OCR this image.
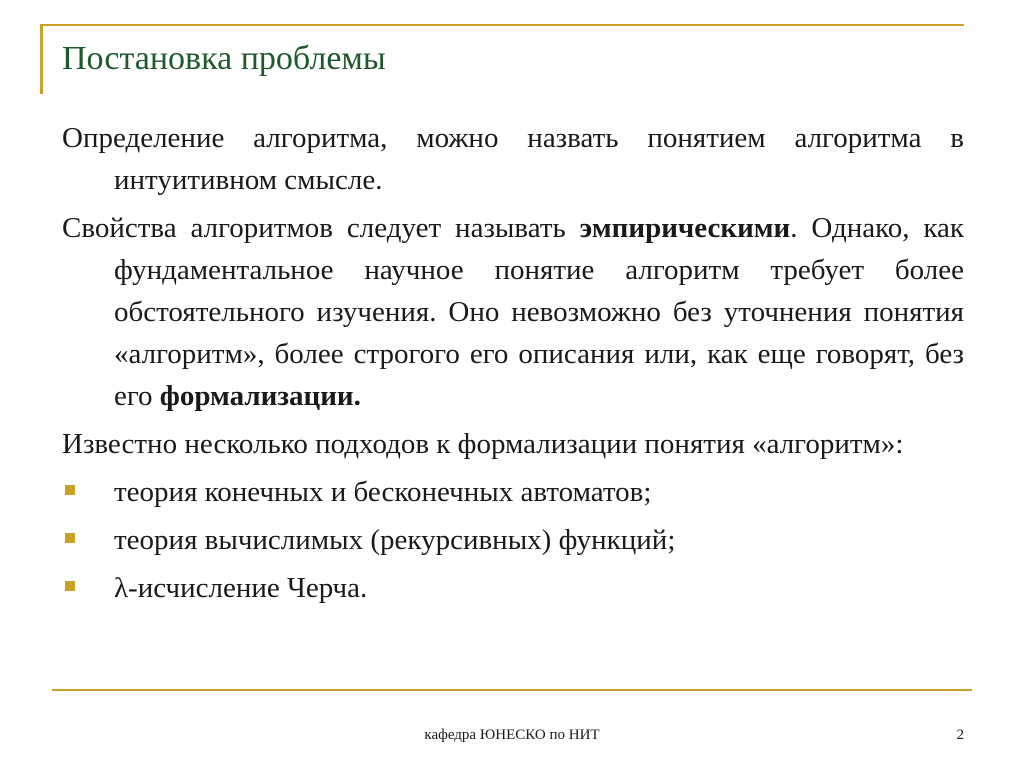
Постановка проблемы

Определение алгоритма, можно назвать понятием алгоритма в интуитивном смысле.

Свойства алгоритмов следует называть эмпирическими. Однако, как фундаментальное научное понятие алгоритм требует более обстоятельного изучения. Оно невозможно без уточнения понятия «алгоритм», более строгого его описания или, как еще говорят, без его формализации.

Известно несколько подходов к формализации понятия «алгоритм»:

теория конечных и бесконечных автоматов;
теория вычислимых (рекурсивных) функций;
λ-исчисление Черча.
кафедра ЮНЕСКО по НИТ	2
